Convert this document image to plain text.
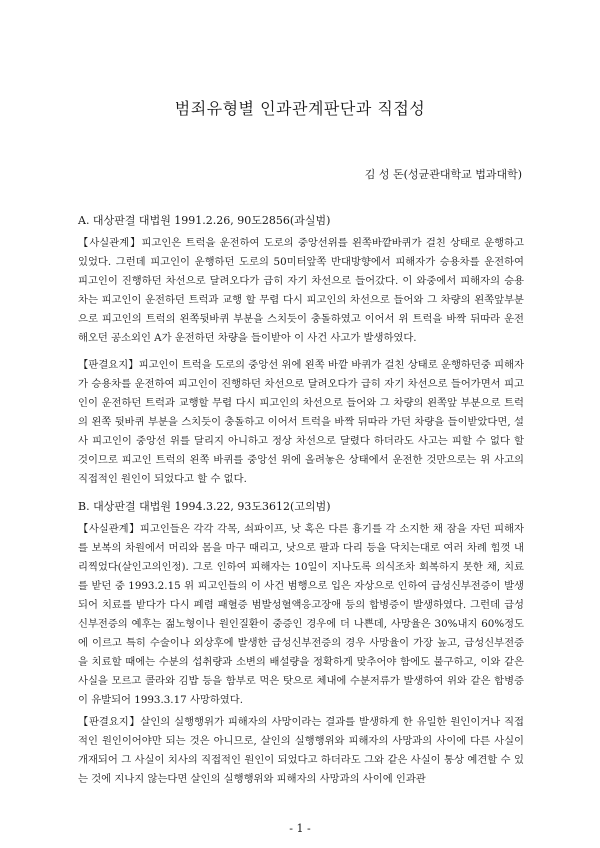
범죄유형별 인과관계판단과 직접성
김 성 돈(성균관대학교 법과대학)
A. 대상판결 대법원 1991.2.26, 90도2856(과실범)

【사실관계】피고인은 트럭을 운전하여 도로의 중앙선위를 왼쪽바깥바퀴가 걸친 상태로 운행하고 있었다. 그런데 피고인이 운행하던 도로의 50미터앞쪽 반대방향에서 피해자가 승용차를 운전하여 피고인이 진행하던 차선으로 달려오다가 급히 자기 차선으로 들어갔다. 이 와중에서 피해자의 승용차는 피고인이 운전하던 트럭과 교행 할 무렵 다시 피고인의 차선으로 들어와 그 차량의 왼쪽앞부분으로 피고인의 트럭의 왼쪽뒷바퀴 부분을 스치듯이 충돌하였고 이어서 위 트럭을 바짝 뒤따라 운전해오던 공소외인 A가 운전하던 차량을 들이받아 이 사건 사고가 발생하였다.

【판결요지】피고인이 트럭을 도로의 중앙선 위에 왼쪽 바깥 바퀴가 걸친 상태로 운행하던중 피해자가 승용차를 운전하여 피고인이 진행하던 차선으로 달려오다가 급히 자기 차선으로 들어가면서 피고인이 운전하던 트럭과 교행할 무렵 다시 피고인의 차선으로 들어와 그 차량의 왼쪽앞 부분으로 트럭의 왼쪽 뒷바퀴 부분을 스치듯이 충돌하고 이어서 트럭을 바짝 뒤따라 가던 차량을 들이받았다면, 설사 피고인이 중앙선 위를 달리지 아니하고 정상 차선으로 달렸다 하더라도 사고는 피할 수 없다 할 것이므로 피고인 트럭의 왼쪽 바퀴를 중앙선 위에 올려놓은 상태에서 운전한 것만으로는 위 사고의 직접적인 원인이 되었다고 할 수 없다.

B. 대상판결 대법원 1994.3.22, 93도3612(고의범)

【사실관계】피고인들은 각각 각목, 쇠파이프, 낫 혹은 다른 흉기를 각 소지한 채 잠을 자던 피해자를 보복의 차원에서 머리와 몸을 마구 때리고, 낫으로 팔과 다리 등을 닥치는대로 여러 차례 힘껏 내리찍었다(살인고의인정). 그로 인하여 피해자는 10일이 지나도록 의식조차 회복하지 못한 채, 치료를 받던 중 1993.2.15 위 피고인들의 이 사건 범행으로 입은 자상으로 인하여 급성신부전증이 발생되어 치료를 받다가 다시 폐렴 패혈증 범발성혈액응고장애 등의 합병증이 발생하였다. 그런데 급성신부전증의 예후는 젊노형이나 원인질환이 중증인 경우에 더 나쁜데, 사망율은 30%내지 60%정도에 이르고 특히 수술이나 외상후에 발생한 급성신부전증의 경우 사망율이 가장 높고, 급성신부전증을 치료할 때에는 수분의 섭취량과 소변의 배설량을 정확하게 맞추어야 함에도 불구하고, 이와 같은 사실을 모르고 콜라와 김밥 등을 함부로 먹은 탓으로 체내에 수분저류가 발생하여 위와 같은 합병증이 유발되어 1993.3.17 사망하였다.

【판결요지】살인의 실행행위가 피해자의 사망이라는 결과를 발생하게 한 유일한 원인이거나 직접적인 원인이어야만 되는 것은 아니므로, 살인의 실행행위와 피해자의 사망과의 사이에 다른 사실이 개재되어 그 사실이 치사의 직접적인 원인이 되었다고 하더라도 그와 같은 사실이 통상 예견할 수 있는 것에 지나지 않는다면 살인의 실행행위와 피해자의 사망과의 사이에 인과관

- 1 -
